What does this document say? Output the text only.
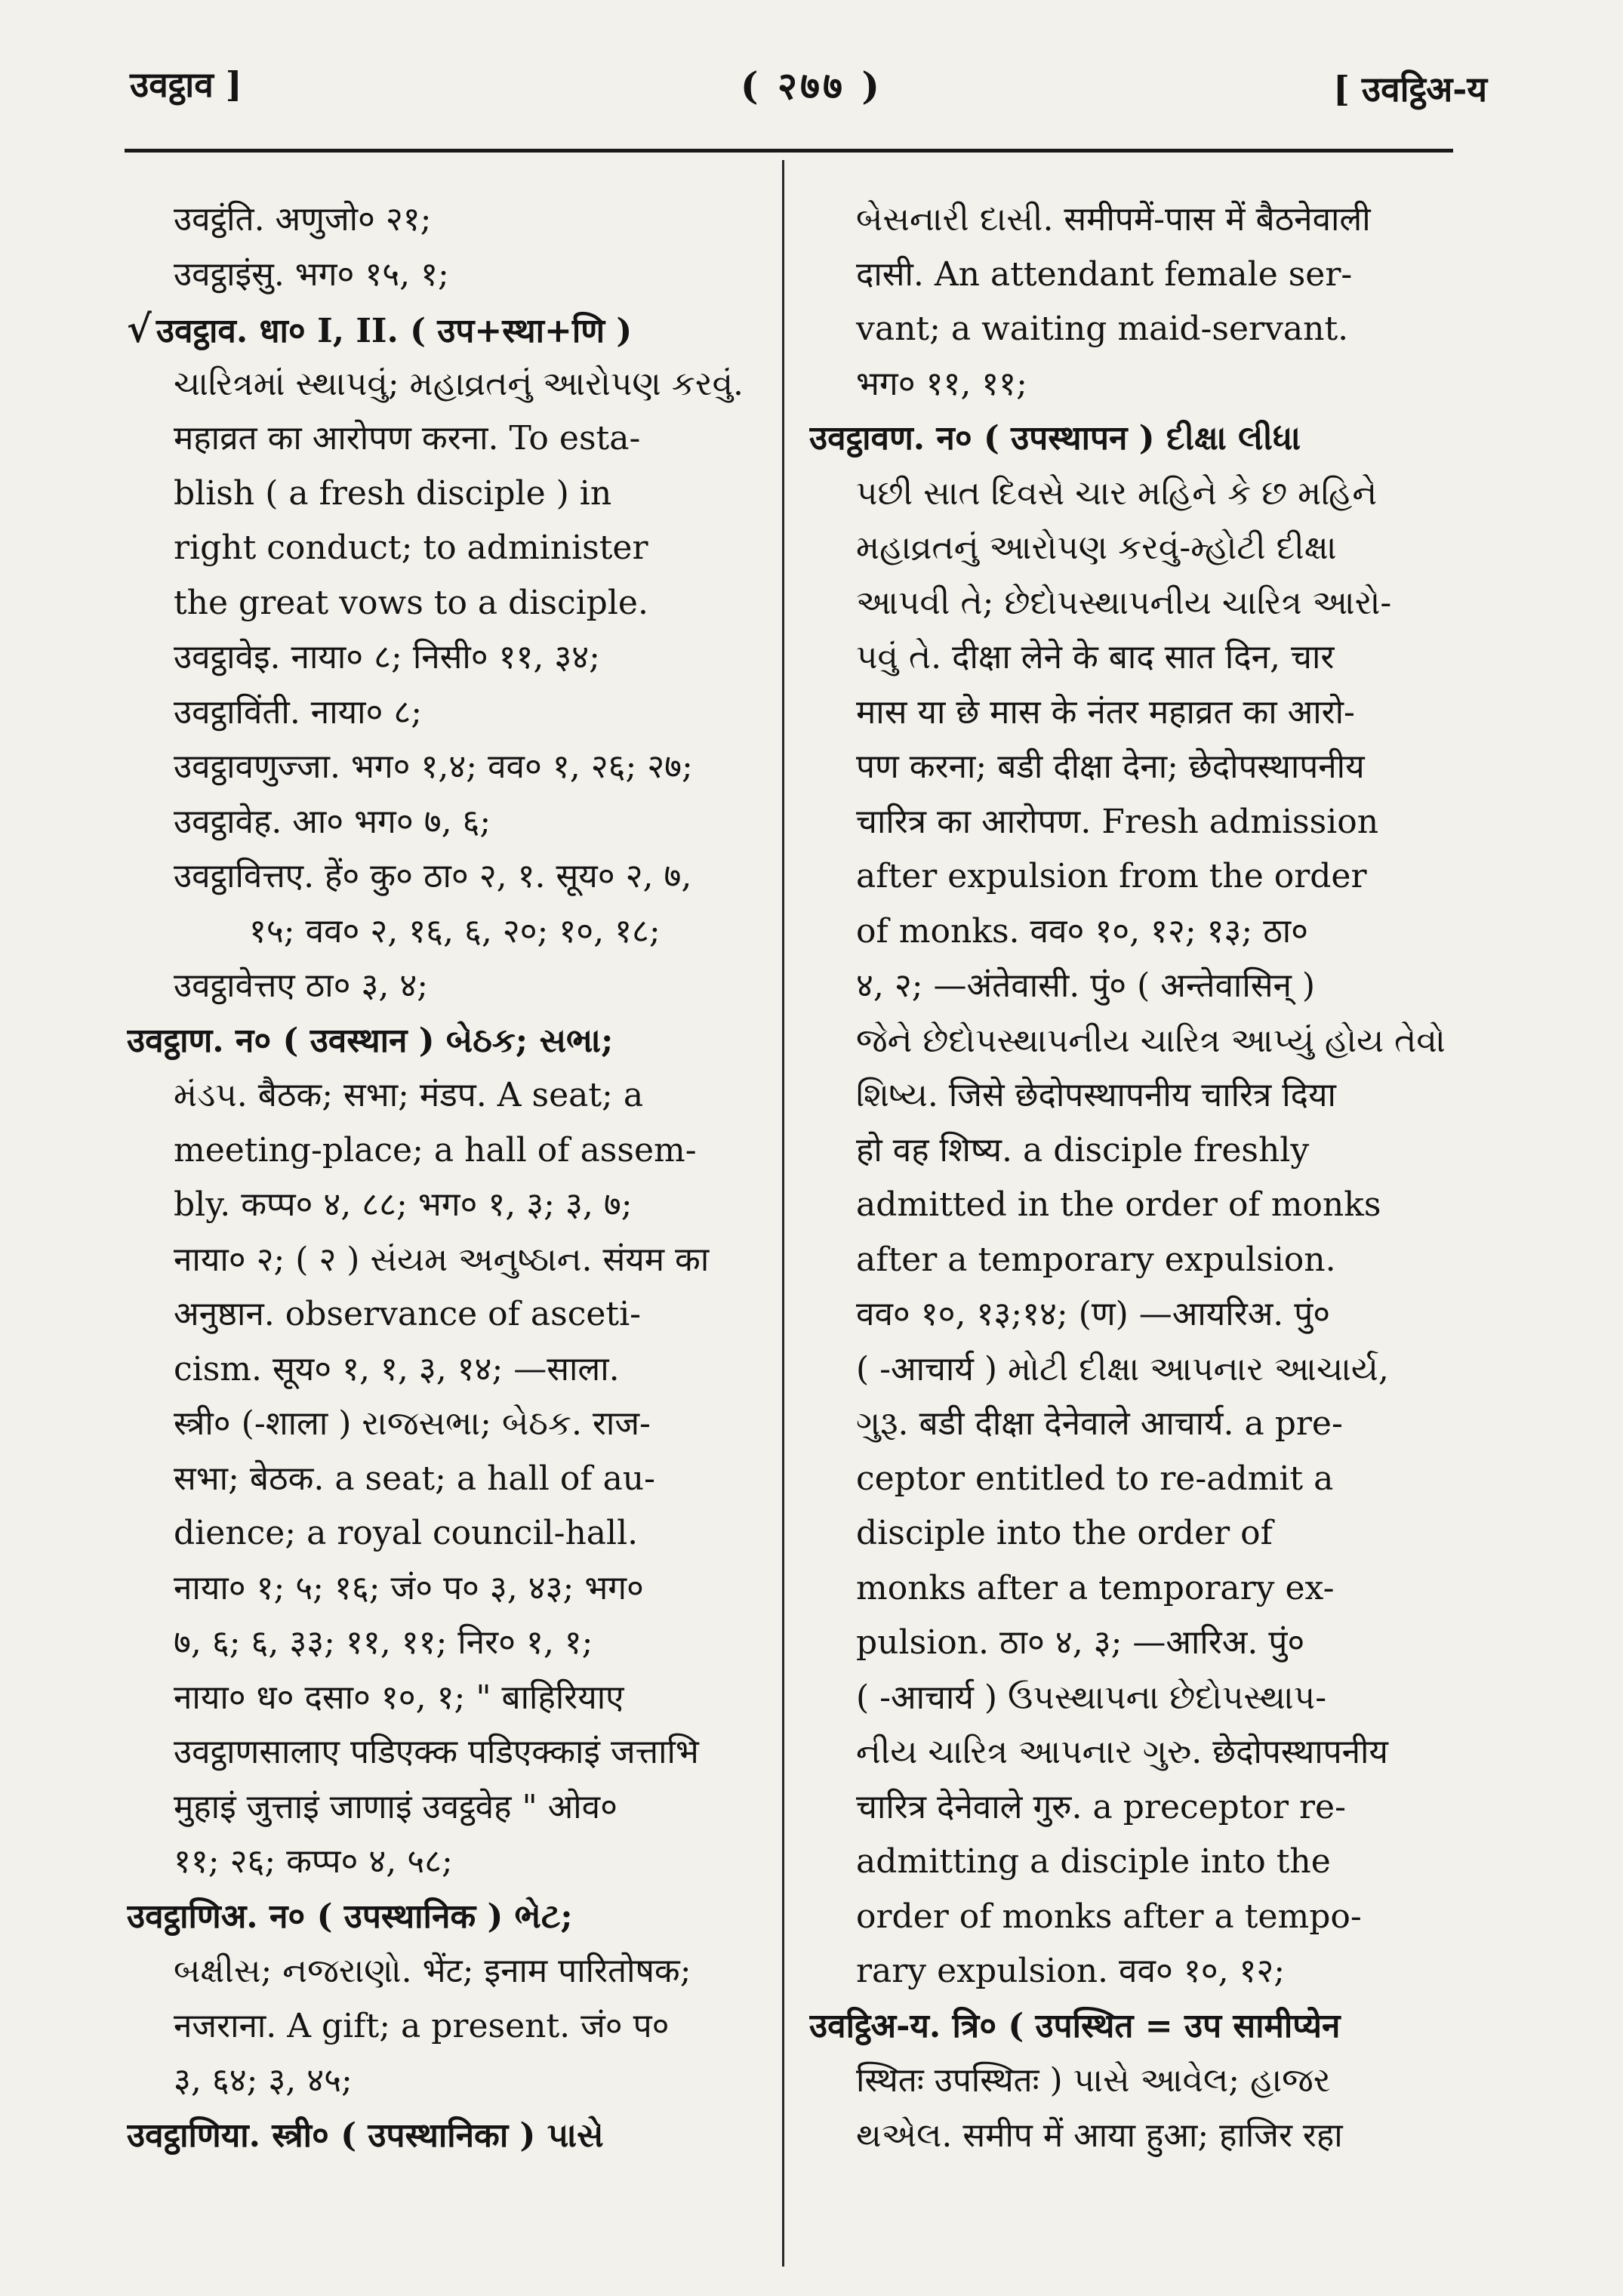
उवट्ठाव ]	( २७७ )	[ उवट्ठिअ-य
उवट्ठंति. अणुजो० २१;
उवट्ठाइंसु. भग० १५, १;
√ उवट्ठाव. धा० I, II. ( उप+स्था+णि )
ચારિત્રમાં સ્થાપવું; મહાવ્રતનું આરોપણ કરવું.
महाव्रत का आरोपण करना. To esta-
blish ( a fresh disciple ) in
right conduct; to administer
the great vows to a disciple.
उवट्ठावेइ. नाया० ८; निसी० ११, ३४;
उवट्ठाविंती. नाया० ८;
उवट्ठावणुज्जा. भग० १,४; वव० १, २६; २७;
उवट्ठावेह. आ० भग० ७, ६;
उवट्ठावित्तए. हें० कु० ठा० २, १. सूय० २, ७,
१५; वव० २, १६, ६, २०; १०, १८;
उवट्ठावेत्तए ठा० ३, ४;
उवट्ठाण. न० ( उवस्थान ) બેઠક; સભા;
મંડપ. बैठक; सभा; मंडप. A seat; a
meeting-place; a hall of assem-
bly. कप्प० ४, ८८; भग० १, ३; ३, ७;
नाया० २; ( २ ) સંયમ અનુષ્ઠાન. संयम का
अनुष्ठान. observance of asceti-
cism. सूय० १, १, ३, १४; —साला.
स्त्री० (-शाला ) રાજસભા; બેઠક. राज-
सभा; बेठक. a seat; a hall of au-
dience; a royal council-hall.
नाया० १; ५; १६; जं० प० ३, ४३; भग०
७, ६; ६, ३३; ११, ११; निर० १, १;
नाया० ध० दसा० १०, १; " बाहिरियाए
उवट्ठाणसालाए पडिएक्क पडिएक्काइं जत्ताभि
मुहाइं जुत्ताइं जाणाइं उवट्ठवेह " ओव०
११; २६; कप्प० ४, ५८;
उवट्ठाणिअ. न० ( उपस्थानिक ) ભેટ;
બક્ષીસ; નજરાણો. भेंट; इनाम पारितोषक;
नजराना. A gift; a present. जं० प०
३, ६४; ३, ४५;
उवट्ठाणिया. स्त्री० ( उपस्थानिका ) પાસે
બેસનારી દાસી. समीपमें-पास में बैठनेवाली
दासी. An attendant female ser-
vant; a waiting maid-servant.
भग० ११, ११;
उवट्ठावण. न० ( उपस्थापन ) દીક્ષા લીધા
પછી સાત દિવસે ચાર મહિને કે છ મહિને
મહાવ્રતનું આરોપણ કરવું-મ્હોટી દીક્ષા
આપવી તે; છેદોપસ્થાપનીય ચારિત્ર આરો-
પવું તે. दीक्षा लेने के बाद सात दिन, चार
मास या छे मास के नंतर महाव्रत का आरो-
पण करना; बडी दीक्षा देना; छेदोपस्थापनीय
चारित्र का आरोपण. Fresh admission
after expulsion from the order
of monks. वव० १०, १२; १३; ठा०
४, २; —अंतेवासी. पुं० ( अन्तेवासिन् )
જેને છેદોપસ્થાપનીય ચારિત્ર આપ્યું હોય તેવો
શિષ્ય. जिसे छेदोपस्थापनीय चारित्र दिया
हो वह शिष्य. a disciple freshly
admitted in the order of monks
after a temporary expulsion.
वव० १०, १३;१४; (ण) —आयरिअ. पुं०
( -आचार्य ) મોટી દીક્ષા આપનાર આચાર્ય,
ગુરૂ. बडी दीक्षा देनेवाले आचार्य. a pre-
ceptor entitled to re-admit a
disciple into the order of
monks after a temporary ex-
pulsion. ठा० ४, ३; —आरिअ. पुं०
( -आचार्य ) ઉપસ્થાપના છેદોપસ્થાપ-
નીય ચારિત્ર આપનાર ગુરુ. छेदोपस्थापनीय
चारित्र देनेवाले गुरु. a preceptor re-
admitting a disciple into the
order of monks after a tempo-
rary expulsion. वव० १०, १२;
उवट्ठिअ-य. त्रि० ( उपस्थित = उप सामीप्येन
स्थितः उपस्थितः ) પાસે આવેલ; હાજર
થએલ. समीप में आया हुआ; हाजिर रहा
